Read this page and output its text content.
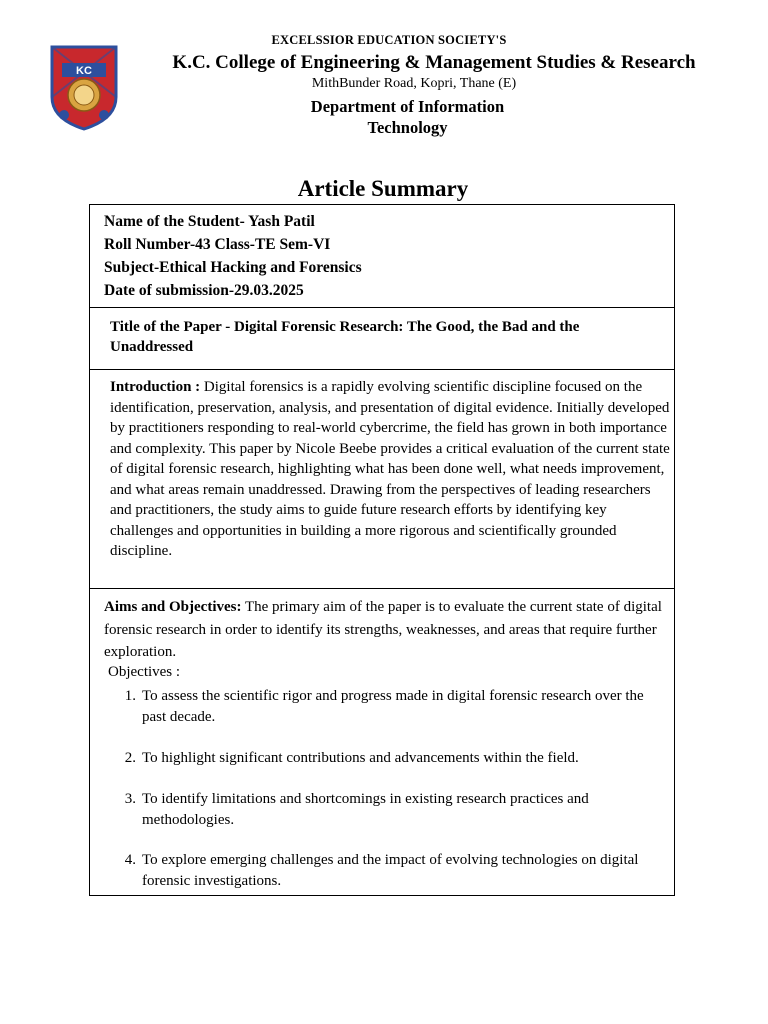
KC
EXCELSSIOR EDUCATION SOCIETY'S
K.C. College of Engineering & Management Studies & Research
MithBunder Road, Kopri, Thane (E)
Department of Information
Technology
Article Summary
Name of the Student- Yash Patil
Roll Number-43 Class-TE Sem-VI
Subject-Ethical Hacking and Forensics
Date of submission-29.03.2025
Title of the Paper - Digital Forensic Research: The Good, the Bad and the Unaddressed
Introduction : Digital forensics is a rapidly evolving scientific discipline focused on the identification, preservation, analysis, and presentation of digital evidence. Initially developed by practitioners responding to real-world cybercrime, the field has grown in both importance and complexity. This paper by Nicole Beebe provides a critical evaluation of the current state of digital forensic research, highlighting what has been done well, what needs improvement, and what areas remain unaddressed. Drawing from the perspectives of leading researchers and practitioners, the study aims to guide future research efforts by identifying key challenges and opportunities in building a more rigorous and scientifically grounded discipline.
Aims and Objectives: The primary aim of the paper is to evaluate the current state of digital forensic research in order to identify its strengths, weaknesses, and areas that require further exploration.
Objectives :
1. To assess the scientific rigor and progress made in digital forensic research over the past decade.
2. To highlight significant contributions and advancements within the field.
3. To identify limitations and shortcomings in existing research practices and methodologies.
4. To explore emerging challenges and the impact of evolving technologies on digital forensic investigations.
